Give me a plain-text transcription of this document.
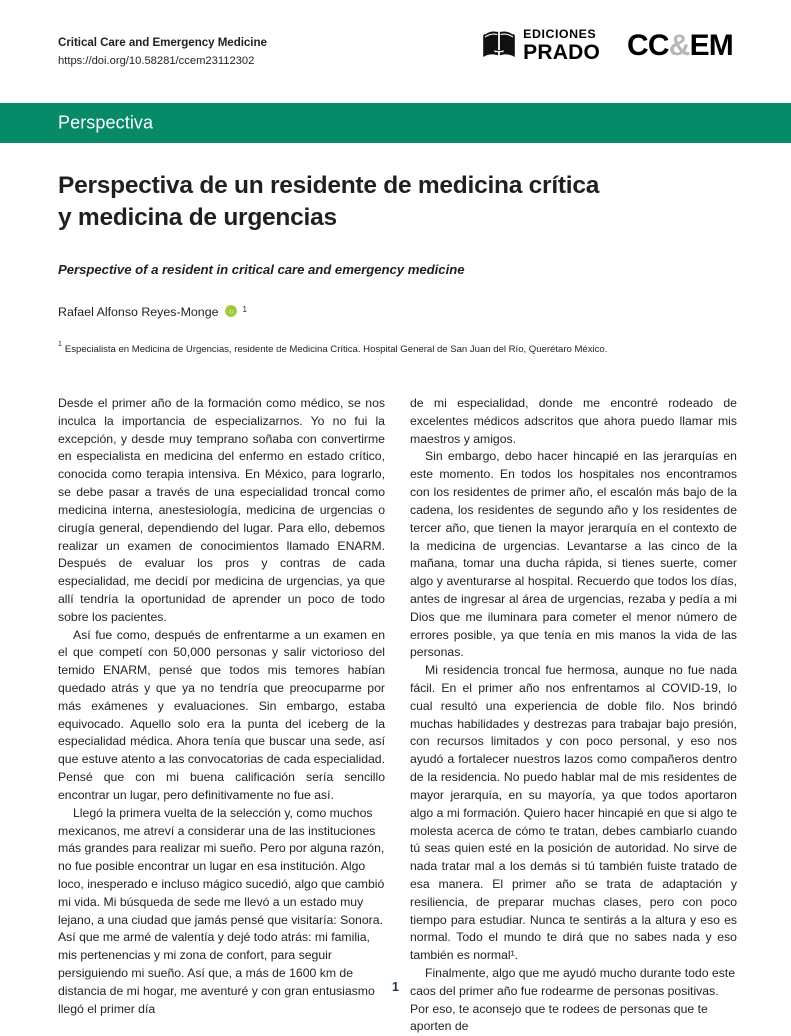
Critical Care and Emergency Medicine
https://doi.org/10.58281/ccem23112302
EDICIONES
PRADO CC&EM
Perspectiva
Perspectiva de un residente de medicina crítica
y medicina de urgencias

Perspective of a resident in critical care and emergency medicine

Rafael Alfonso Reyes-Monge iD 1

$^1$ Especialista en Medicina de Urgencias, residente de Medicina Crítica. Hospital General de San Juan del Río, Querétaro México.

Desde el primer año de la formación como médico, se nos inculca la importancia de especializarnos. Yo no fui la excepción, y desde muy temprano soñaba con convertirme en especialista en medicina del enfermo en estado crítico, conocida como terapia intensiva. En México, para lograrlo, se debe pasar a través de una especialidad troncal como medicina interna, anestesiología, medicina de urgencias o cirugía general, dependiendo del lugar. Para ello, debemos realizar un examen de conocimientos llamado ENARM. Después de evaluar los pros y contras de cada especialidad, me decidí por medicina de urgencias, ya que allí tendría la oportunidad de aprender un poco de todo sobre los pacientes.

Así fue como, después de enfrentarme a un examen en el que competí con 50,000 personas y salir victorioso del temido ENARM, pensé que todos mis temores habían quedado atrás y que ya no tendría que preocuparme por más exámenes y evaluaciones. Sin embargo, estaba equivocado. Aquello solo era la punta del iceberg de la especialidad médica. Ahora tenía que buscar una sede, así que estuve atento a las convocatorias de cada especialidad. Pensé que con mi buena calificación sería sencillo encontrar un lugar, pero definitivamente no fue así.

Llegó la primera vuelta de la selección y, como muchos mexicanos, me atreví a considerar una de las instituciones más grandes para realizar mi sueño. Pero por alguna razón, no fue posible encontrar un lugar en esa institución. Algo loco, inesperado e incluso mágico sucedió, algo que cambió mi vida. Mi búsqueda de sede me llevó a un estado muy lejano, a una ciudad que jamás pensé que visitaría: Sonora. Así que me armé de valentía y dejé todo atrás: mi familia, mis pertenencias y mi zona de confort, para seguir persiguiendo mi sueño. Así que, a más de 1600 km de distancia de mi hogar, me aventuré y con gran entusiasmo llegó el primer día

de mi especialidad, donde me encontré rodeado de excelentes médicos adscritos que ahora puedo llamar mis maestros y amigos.

Sin embargo, debo hacer hincapié en las jerarquías en este momento. En todos los hospitales nos encontramos con los residentes de primer año, el escalón más bajo de la cadena, los residentes de segundo año y los residentes de tercer año, que tienen la mayor jerarquía en el contexto de la medicina de urgencias. Levantarse a las cinco de la mañana, tomar una ducha rápida, si tienes suerte, comer algo y aventurarse al hospital. Recuerdo que todos los días, antes de ingresar al área de urgencias, rezaba y pedía a mi Dios que me iluminara para cometer el menor número de errores posible, ya que tenía en mis manos la vida de las personas.

Mi residencia troncal fue hermosa, aunque no fue nada fácil. En el primer año nos enfrentamos al COVID-19, lo cual resultó una experiencia de doble filo. Nos brindó muchas habilidades y destrezas para trabajar bajo presión, con recursos limitados y con poco personal, y eso nos ayudó a fortalecer nuestros lazos como compañeros dentro de la residencia. No puedo hablar mal de mis residentes de mayor jerarquía, en su mayoría, ya que todos aportaron algo a mi formación. Quiero hacer hincapié en que si algo te molesta acerca de cómo te tratan, debes cambiarlo cuando tú seas quien esté en la posición de autoridad. No sirve de nada tratar mal a los demás si tú también fuiste tratado de esa manera. El primer año se trata de adaptación y resiliencia, de preparar muchas clases, pero con poco tiempo para estudiar. Nunca te sentirás a la altura y eso es normal. Todo el mundo te dirá que no sabes nada y eso también es normal¹.

Finalmente, algo que me ayudó mucho durante todo este caos del primer año fue rodearme de personas positivas. Por eso, te aconsejo que te rodees de personas que te aporten de

1
